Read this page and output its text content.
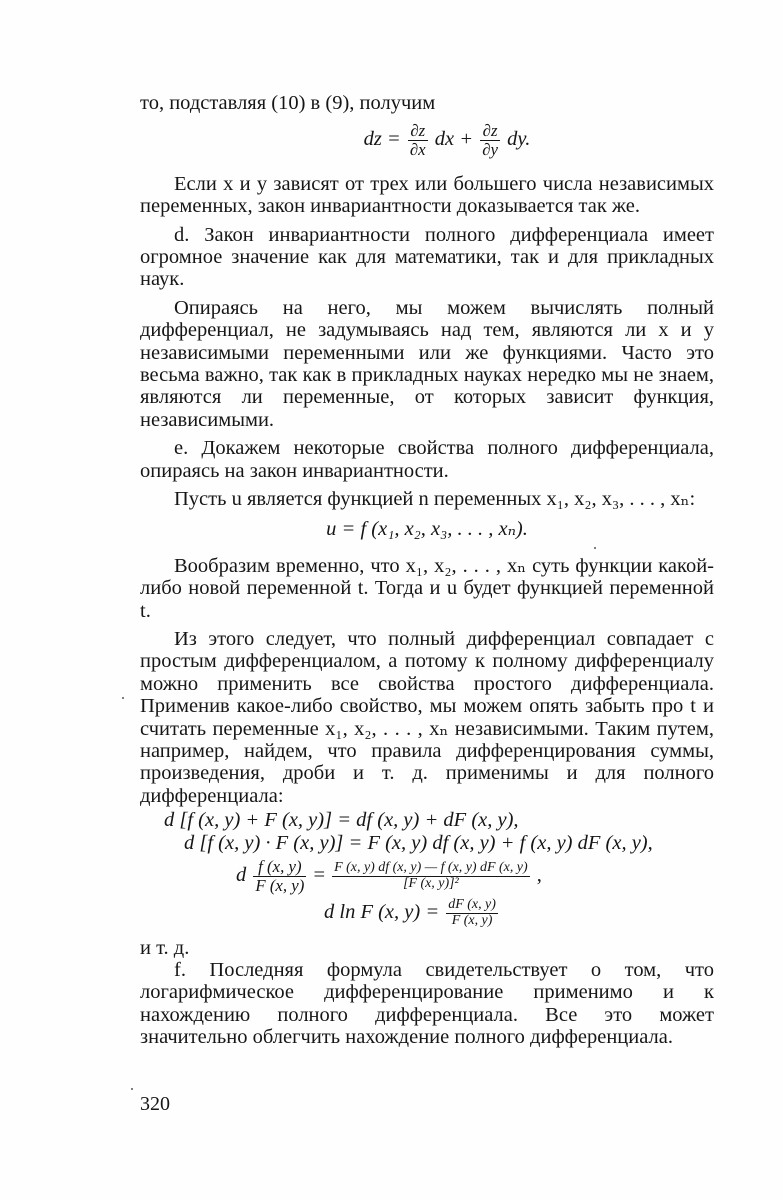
то, подставляя (10) в (9), получим

dz = $\frac{\partial z}{\partial x}$ dx + $\frac{\partial z}{\partial y}$ dy.

Если x и y зависят от трех или большего числа независимых переменных, закон инвариантности доказывается так же.

d. Закон инвариантности полного дифференциала имеет огромное значение как для математики, так и для прикладных наук.

Опираясь на него, мы можем вычислять полный дифференциал, не задумываясь над тем, являются ли x и y независимыми переменными или же функциями. Часто это весьма важно, так как в прикладных науках нередко мы не знаем, являются ли переменные, от которых зависит функция, независимыми.

e. Докажем некоторые свойства полного дифференциала, опираясь на закон инвариантности.

Пусть u является функцией n переменных x₁, x₂, x₃, . . . , xₙ:

u = f (x₁, x₂, x₃, . . . , xₙ).

Вообразим временно, что x₁, x₂, . . . , xₙ суть функции какой-либо новой переменной t. Тогда и u будет функцией переменной t.

Из этого следует, что полный дифференциал совпадает с простым дифференциалом, а потому к полному дифференциалу можно применить все свойства простого дифференциала. Применив какое-либо свойство, мы можем опять забыть про t и считать переменные x₁, x₂, . . . , xₙ независимыми. Таким путем, например, найдем, что правила дифференцирования суммы, произведения, дроби и т. д. применимы и для полного дифференциала:

d [f (x, y) + F (x, y)] = df (x, y) + dF (x, y),
d [f (x, y) · F (x, y)] = F (x, y) df (x, y) + f (x, y) dF (x, y),
d $\frac{f (x, y)}{F (x, y)} = \frac{F (x, y) df (x, y) — f (x, y) dF (x, y)}{\text{[F (x, y)]²}}$ ,
d ln F (x, $y) = \frac{dF (x, y)}{F (x, y)}$

и т. д.

f. Последняя формула свидетельствует о том, что логарифмическое дифференцирование применимо и к нахождению полного дифференциала. Все это может значительно облегчить нахождение полного дифференциала.

320
